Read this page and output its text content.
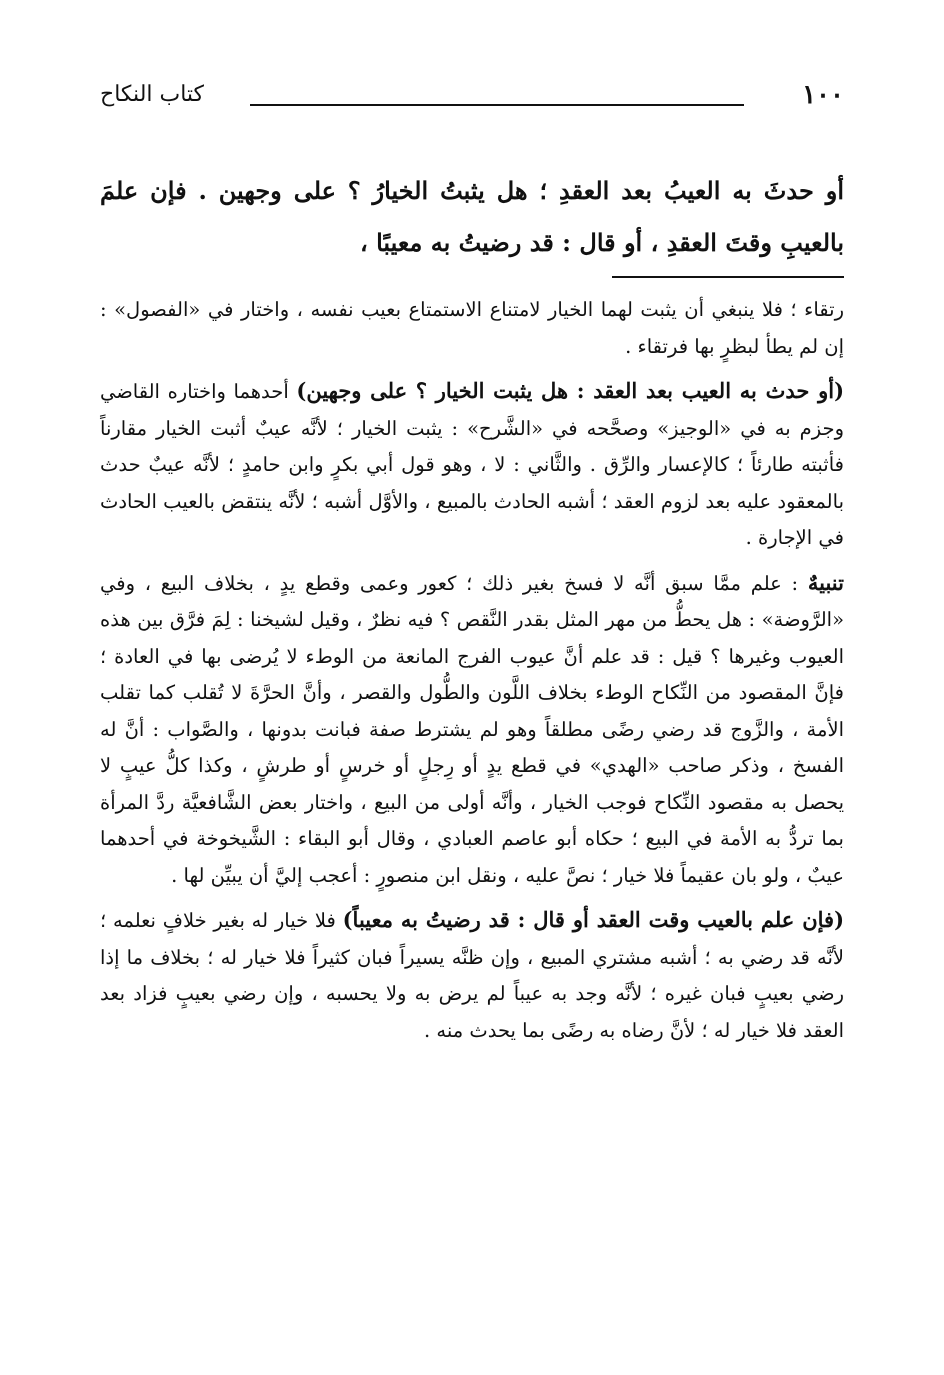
١٠٠
كتاب النكاح
أو حدثَ به العيبُ بعد العقدِ ؛ هل يثبتُ الخيارُ ؟ على وجهين . فإن علمَ بالعيبِ وقتَ العقدِ ، أو قال : قد رضيتُ به معيبًا ،

رتقاء ؛ فلا ينبغي أن يثبت لهما الخيار لامتناع الاستمتاع بعيب نفسه ، واختار في «الفصول» : إن لم يطأ لبظرٍ بها فرتقاء .

(أو حدث به العيب بعد العقد : هل يثبت الخيار ؟ على وجهين) أحدهما واختاره القاضي وجزم به في «الوجيز» وصحَّحه في «الشَّرح» : يثبت الخيار ؛ لأنَّه عيبٌ أثبت الخيار مقارناً فأثبته طارئاً ؛ كالإعسار والرِّق . والثَّاني : لا ، وهو قول أبي بكرٍ وابن حامدٍ ؛ لأنَّه عيبٌ حدث بالمعقود عليه بعد لزوم العقد ؛ أشبه الحادث بالمبيع ، والأوَّل أشبه ؛ لأنَّه ينتقض بالعيب الحادث في الإجارة .

تنبيهٌ : علم ممَّا سبق أنَّه لا فسخ بغير ذلك ؛ كعور وعمى وقطع يدٍ ، بخلاف البيع ، وفي «الرَّوضة» : هل يحطُّ من مهر المثل بقدر النَّقص ؟ فيه نظرٌ ، وقيل لشيخنا : لِمَ فرَّق بين هذه العيوب وغيرها ؟ قيل : قد علم أنَّ عيوب الفرج المانعة من الوطء لا يُرضى بها في العادة ؛ فإنَّ المقصود من النِّكاح الوطء بخلاف اللَّون والطُّول والقصر ، وأنَّ الحرَّةَ لا تُقلب كما تقلب الأمة ، والزَّوج قد رضي رضًى مطلقاً وهو لم يشترط صفة فبانت بدونها ، والصَّواب : أنَّ له الفسخ ، وذكر صاحب «الهدي» في قطع يدٍ أو رِجلٍ أو خرسٍ أو طرشٍ ، وكذا كلُّ عيبٍ لا يحصل به مقصود النِّكاح فوجب الخيار ، وأنَّه أولى من البيع ، واختار بعض الشَّافعيَّة ردَّ المرأة بما تردُّ به الأمة في البيع ؛ حكاه أبو عاصم العبادي ، وقال أبو البقاء : الشَّيخوخة في أحدهما عيبٌ ، ولو بان عقيماً فلا خيار ؛ نصَّ عليه ، ونقل ابن منصورٍ : أعجب إليَّ أن يبيِّن لها .

(فإن علم بالعيب وقت العقد أو قال : قد رضيتُ به معيباً) فلا خيار له بغير خلافٍ نعلمه ؛ لأنَّه قد رضي به ؛ أشبه مشتري المبيع ، وإن ظنَّه يسيراً فبان كثيراً فلا خيار له ؛ بخلاف ما إذا رضي بعيبٍ فبان غيره ؛ لأنَّه وجد به عيباً لم يرض به ولا يحسبه ، وإن رضي بعيبٍ فزاد بعد العقد فلا خيار له ؛ لأنَّ رضاه به رضًى بما يحدث منه .
